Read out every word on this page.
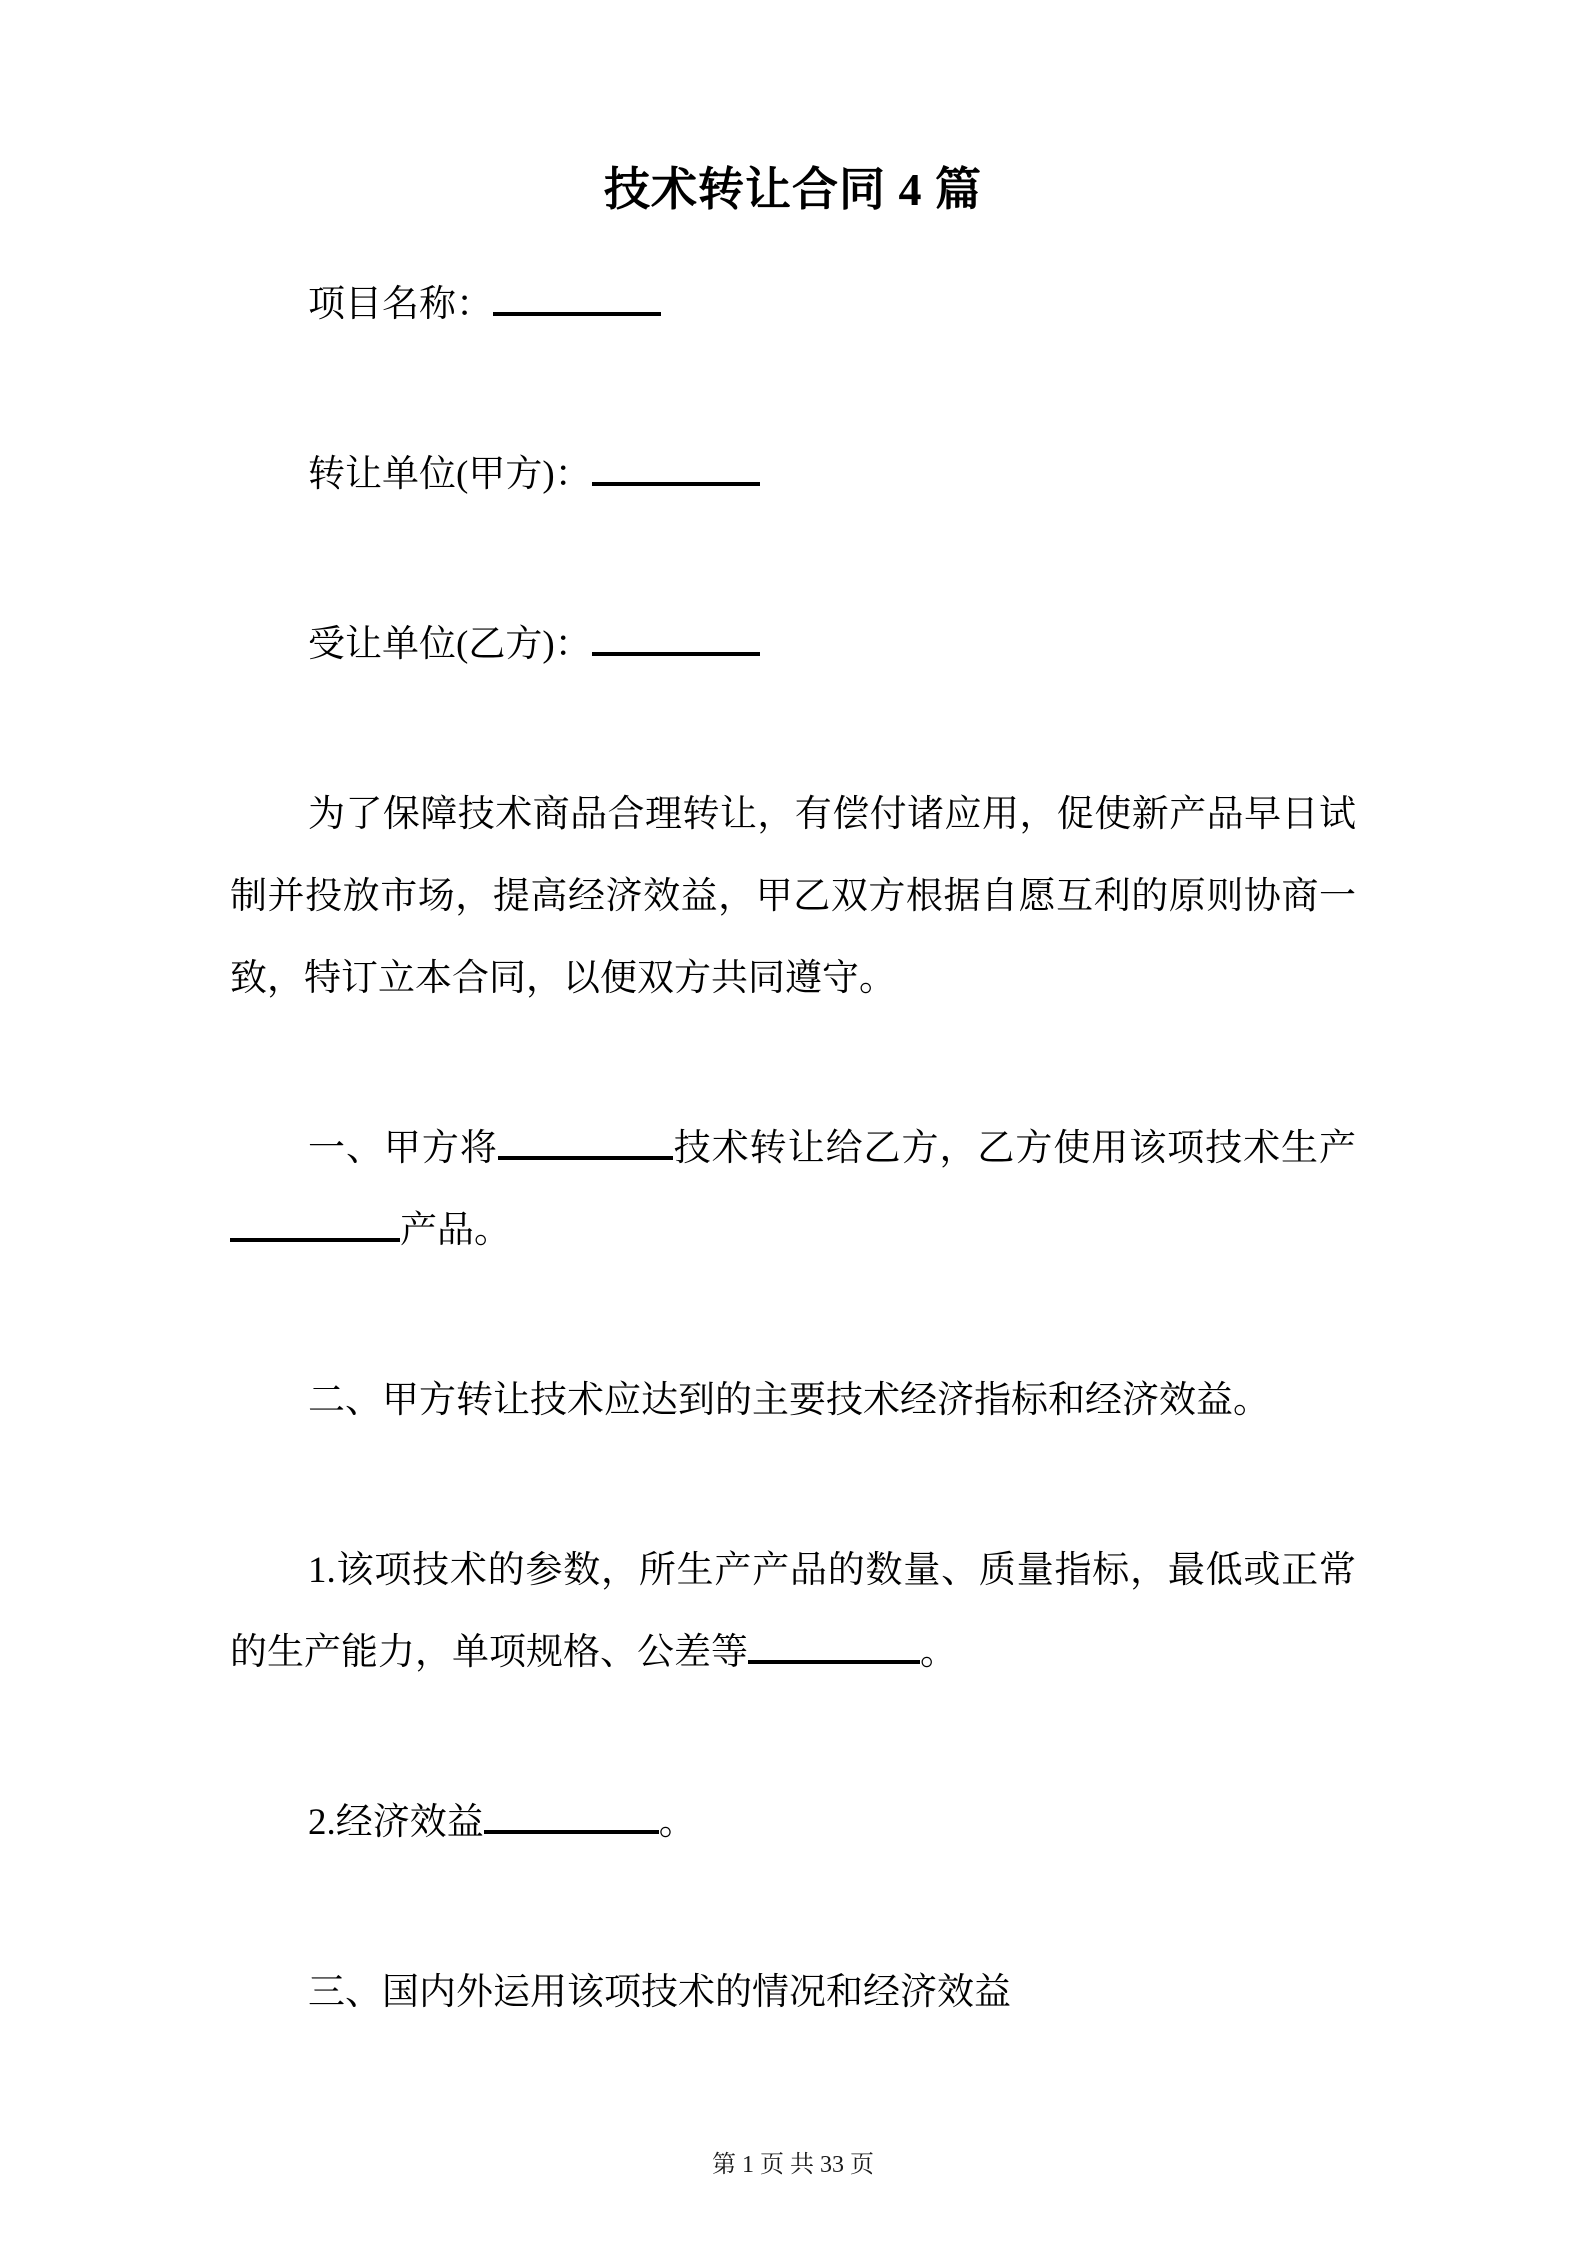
技术转让合同 4 篇

项目名称：

转让单位(甲方)：

受让单位(乙方)：

为了保障技术商品合理转让，有偿付诸应用，促使新产品早日试制并投放市场，提高经济效益，甲乙双方根据自愿互利的原则协商一致，特订立本合同，以便双方共同遵守。

一、甲方将	技术转让给乙方，乙方使用该项技术生产产品。

二、甲方转让技术应达到的主要技术经济指标和经济效益。

1.该项技术的参数，所生产产品的数量、质量指标，最低或正常的生产能力，单项规格、公差等	。

2.经济效益	。

三、国内外运用该项技术的情况和经济效益

第 1 页 共 33 页
